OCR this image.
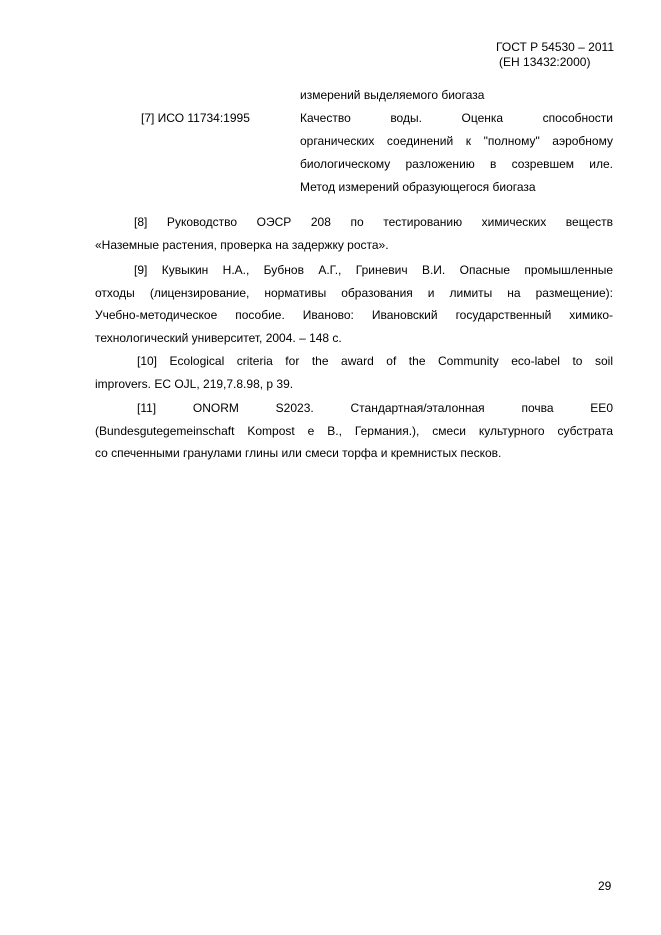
ГОСТ Р 54530 – 2011
(ЕН 13432:2000)
измерений выделяемого биогаза
[7] ИСО 11734:1995	Качество воды. Оценка способности
органических соединений к "полному" аэробному
биологическому разложению в созревшем иле.
Метод измерений образующегося биогаза
[8] Руководство ОЭСР 208 по тестированию химических веществ
«Наземные растения, проверка на задержку роста».
[9] Кувыкин Н.А., Бубнов А.Г., Гриневич В.И. Опасные промышленные
отходы (лицензирование, нормативы образования и лимиты на размещение):
Учебно-методическое пособие. Иваново: Ивановский государственный химико-
технологический университет, 2004. – 148 с.
[10] Ecological criteria for the award of the Community eco-label to soil
improvers. EC OJL, 219,7.8.98, p 39.
[11] ONORM S2023. Стандартная/эталонная почва EE0
(Bundesgutegemeinschaft Kompost e B., Германия.), смеси культурного субстрата
со спеченными гранулами глины или смеси торфа и кремнистых песков.
29
